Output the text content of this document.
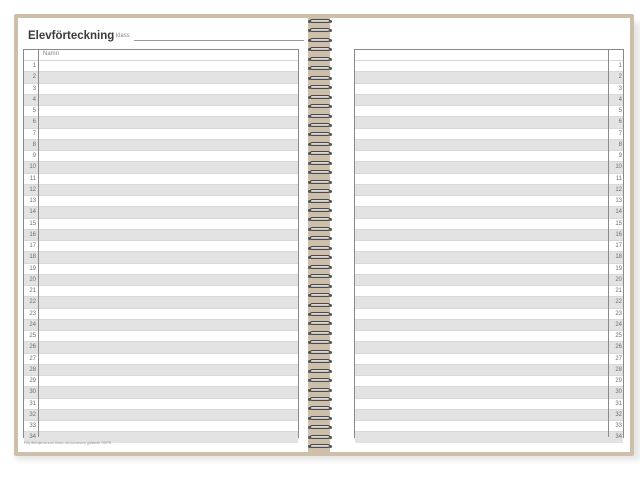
Elevförteckning klass
Namn
1
2
3
4
5
6
7
8
9
10
11
12
13
14
15
16
17
18
19
20
21
22
23
24
25
26
27
28
29
30
31
32
33
34
Följ riktlinjerna som finns i din kommuns gällande GDPR.
1
2
3
4
5
6
7
8
9
10
11
12
13
14
15
16
17
18
19
20
21
22
23
24
25
26
27
28
29
30
31
32
33
34
